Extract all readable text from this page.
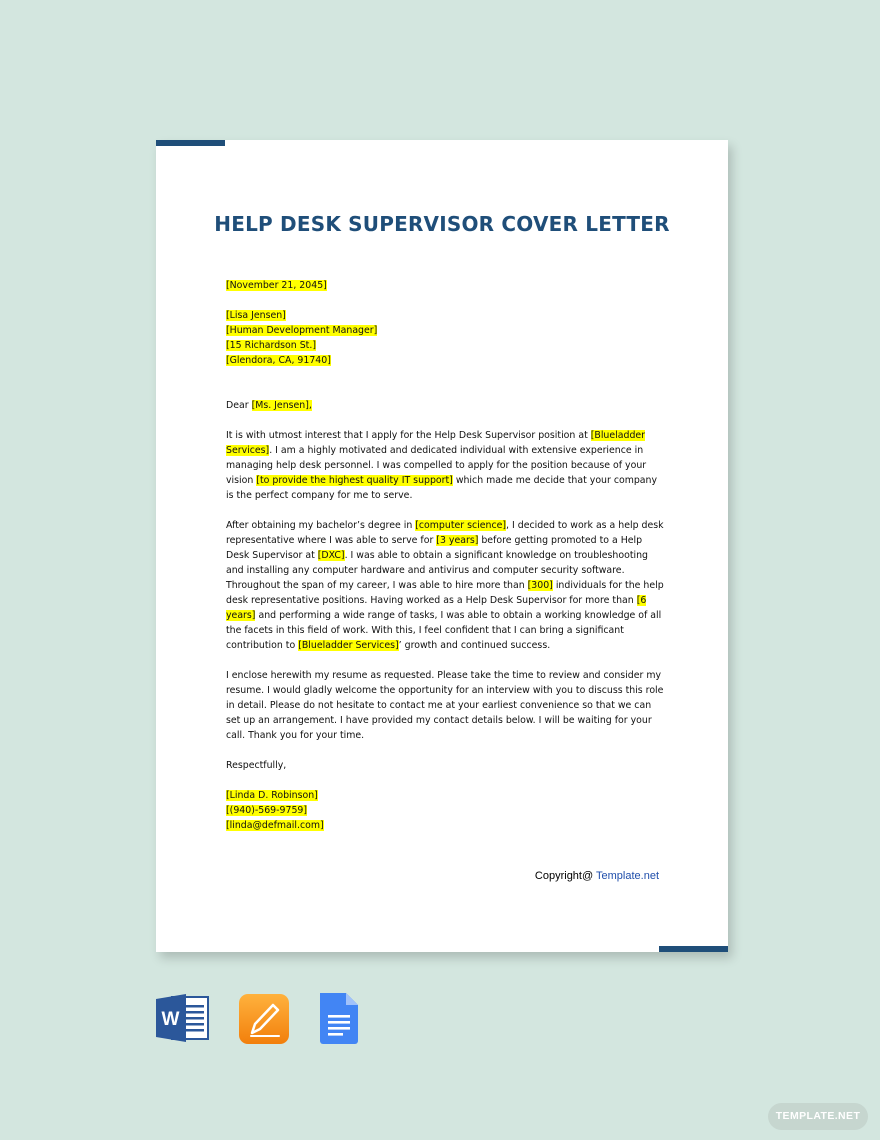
HELP DESK SUPERVISOR COVER LETTER

[November 21, 2045]

[Lisa Jensen]

[Human Development Manager]

[15 Richardson St.]

[Glendora, CA, 91740]

Dear [Ms. Jensen],

It is with utmost interest that I apply for the Help Desk Supervisor position at [Blueladder Services]. I am a highly motivated and dedicated individual with extensive experience in managing help desk personnel. I was compelled to apply for the position because of your vision [to provide the highest quality IT support] which made me decide that your company is the perfect company for me to serve.

After obtaining my bachelor’s degree in [computer science], I decided to work as a help desk representative where I was able to serve for [3 years] before getting promoted to a Help Desk Supervisor at [DXC]. I was able to obtain a significant knowledge on troubleshooting and installing any computer hardware and antivirus and computer security software. Throughout the span of my career, I was able to hire more than [300] individuals for the help desk representative positions. Having worked as a Help Desk Supervisor for more than [6 years] and performing a wide range of tasks, I was able to obtain a working knowledge of all the facets in this field of work. With this, I feel confident that I can bring a significant contribution to [Blueladder Services]’ growth and continued success.

I enclose herewith my resume as requested. Please take the time to review and consider my resume. I would gladly welcome the opportunity for an interview with you to discuss this role in detail. Please do not hesitate to contact me at your earliest convenience so that we can set up an arrangement. I have provided my contact details below. I will be waiting for your call. Thank you for your time.

Respectfully,

[Linda D. Robinson]

[(940)-569-9759]

[linda@defmail.com]

Copyright@ Template.net
W
TEMPLATE.NET
